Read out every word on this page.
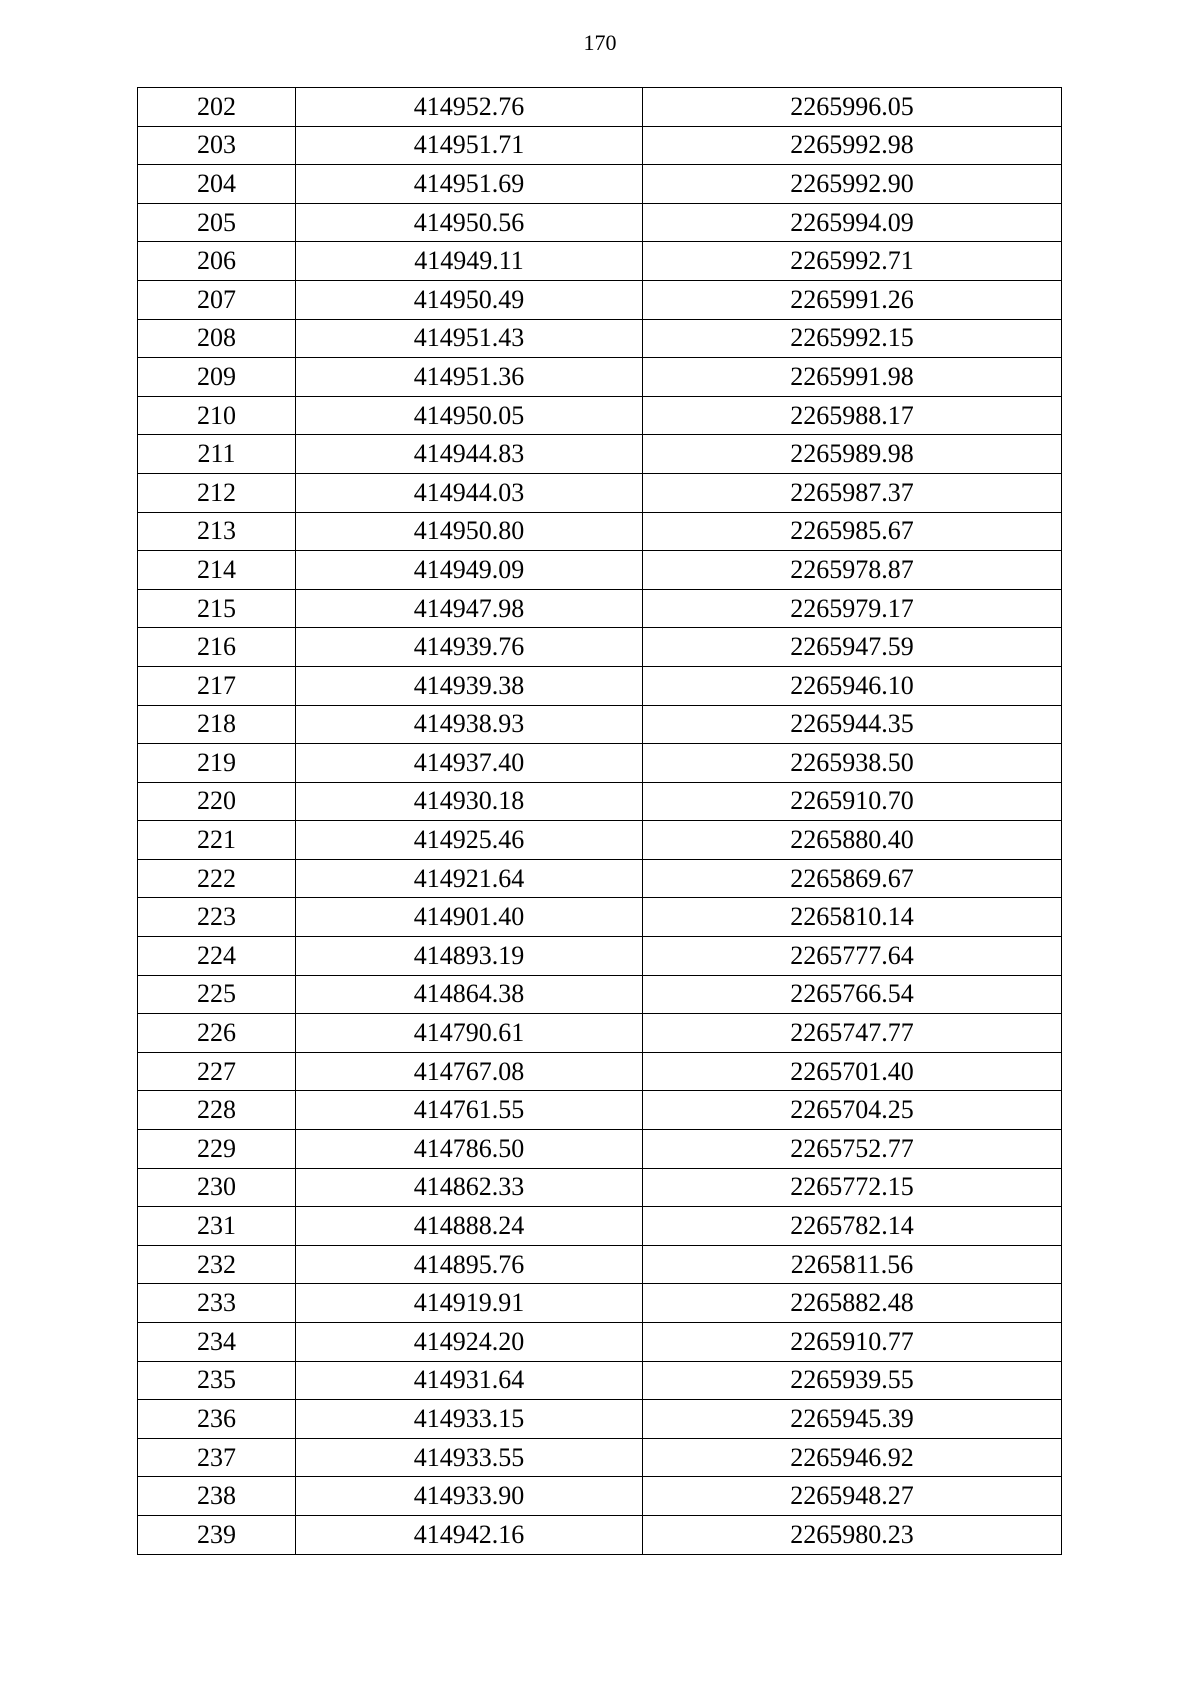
170
202	414952.76	2265996.05
203	414951.71	2265992.98
204	414951.69	2265992.90
205	414950.56	2265994.09
206	414949.11	2265992.71
207	414950.49	2265991.26
208	414951.43	2265992.15
209	414951.36	2265991.98
210	414950.05	2265988.17
211	414944.83	2265989.98
212	414944.03	2265987.37
213	414950.80	2265985.67
214	414949.09	2265978.87
215	414947.98	2265979.17
216	414939.76	2265947.59
217	414939.38	2265946.10
218	414938.93	2265944.35
219	414937.40	2265938.50
220	414930.18	2265910.70
221	414925.46	2265880.40
222	414921.64	2265869.67
223	414901.40	2265810.14
224	414893.19	2265777.64
225	414864.38	2265766.54
226	414790.61	2265747.77
227	414767.08	2265701.40
228	414761.55	2265704.25
229	414786.50	2265752.77
230	414862.33	2265772.15
231	414888.24	2265782.14
232	414895.76	2265811.56
233	414919.91	2265882.48
234	414924.20	2265910.77
235	414931.64	2265939.55
236	414933.15	2265945.39
237	414933.55	2265946.92
238	414933.90	2265948.27
239	414942.16	2265980.23
